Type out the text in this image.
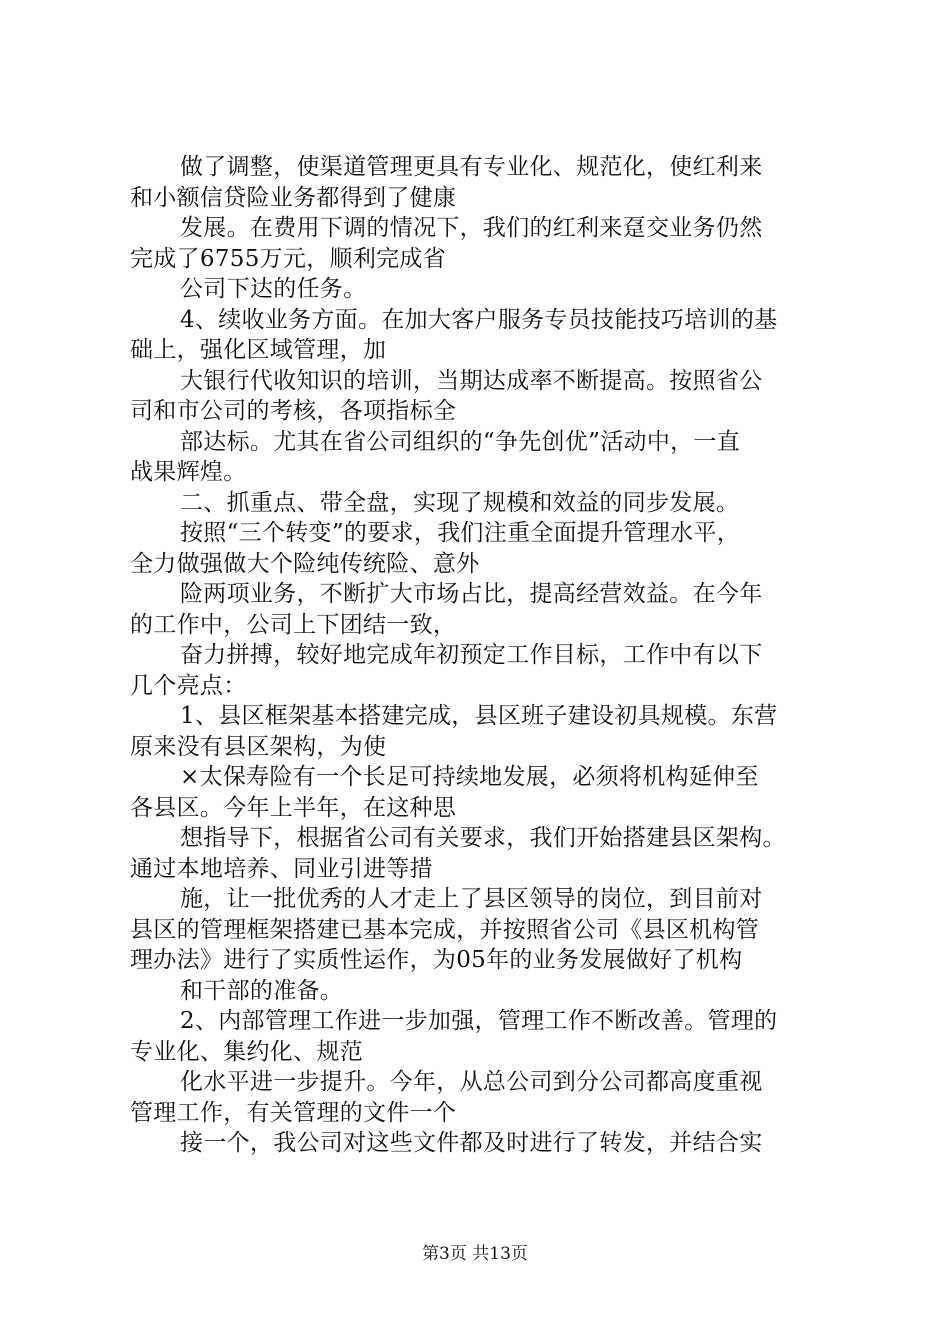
做了调整，使渠道管理更具有专业化、规范化，使红利来
和小额信贷险业务都得到了健康
发展。在费用下调的情况下，我们的红利来趸交业务仍然
完成了6755万元，顺利完成省
公司下达的任务。
4、续收业务方面。在加大客户服务专员技能技巧培训的基
础上，强化区域管理，加
大银行代收知识的培训，当期达成率不断提高。按照省公
司和市公司的考核，各项指标全
部达标。尤其在省公司组织的“争先创优”活动中，一直
战果辉煌。
二、抓重点、带全盘，实现了规模和效益的同步发展。
按照“三个转变”的要求，我们注重全面提升管理水平，
全力做强做大个险纯传统险、意外
险两项业务，不断扩大市场占比，提高经营效益。在今年
的工作中，公司上下团结一致，
奋力拼搏，较好地完成年初预定工作目标，工作中有以下
几个亮点：
1、县区框架基本搭建完成，县区班子建设初具规模。东营
原来没有县区架构，为使
×太保寿险有一个长足可持续地发展，必须将机构延伸至
各县区。今年上半年，在这种思
想指导下，根据省公司有关要求，我们开始搭建县区架构。
通过本地培养、同业引进等措
施，让一批优秀的人才走上了县区领导的岗位，到目前对
县区的管理框架搭建已基本完成，并按照省公司《县区机构管
理办法》进行了实质性运作，为05年的业务发展做好了机构
和干部的准备。
2、内部管理工作进一步加强，管理工作不断改善。管理的
专业化、集约化、规范
化水平进一步提升。今年，从总公司到分公司都高度重视
管理工作，有关管理的文件一个
接一个，我公司对这些文件都及时进行了转发，并结合实
第3页 共13页
